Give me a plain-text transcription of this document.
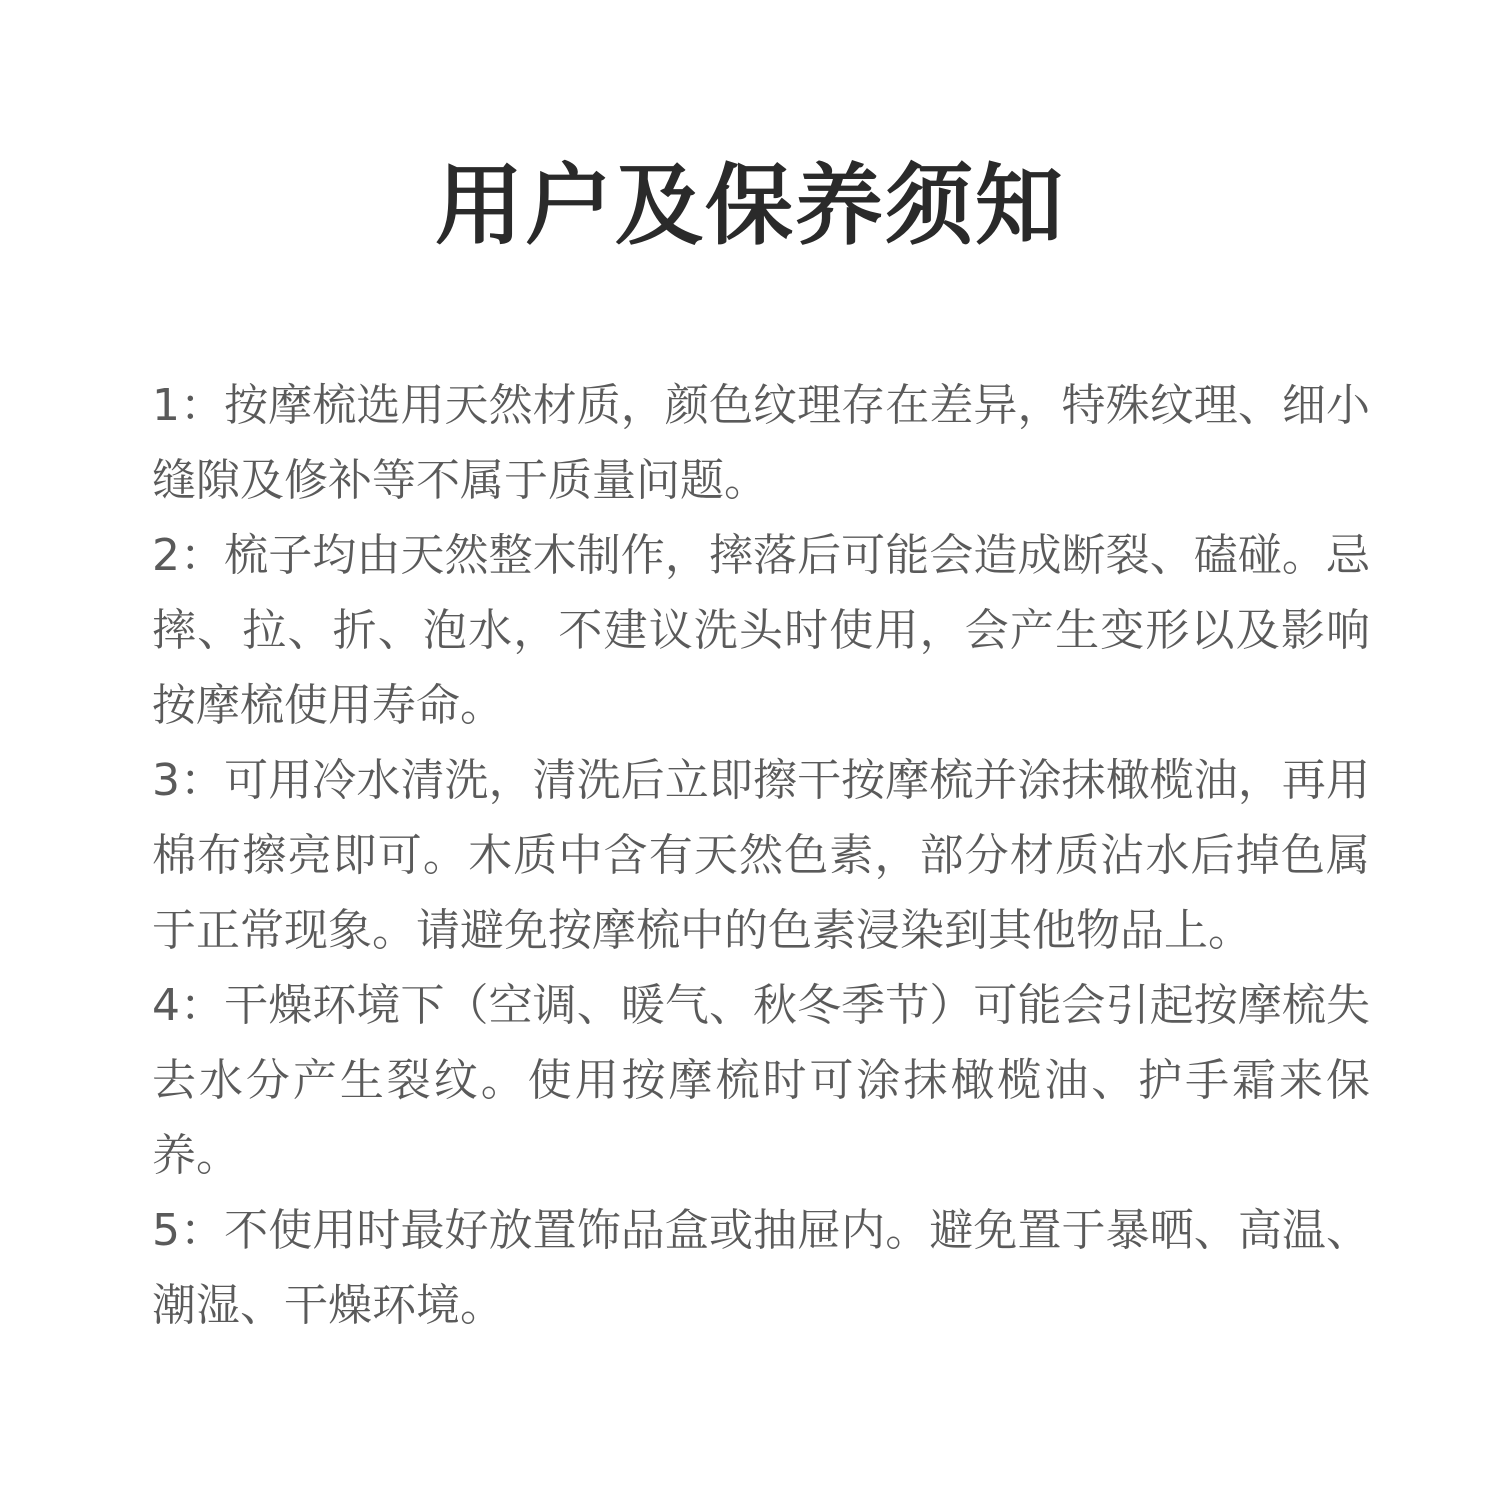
用户及保养须知
1：按摩梳选用天然材质，颜色纹理存在差异，特殊纹理、细小缝隙及修补等不属于质量问题。
2：梳子均由天然整木制作，摔落后可能会造成断裂、磕碰。忌摔、拉、折、泡水，不建议洗头时使用，会产生变形以及影响按摩梳使用寿命。
3：可用冷水清洗，清洗后立即擦干按摩梳并涂抹橄榄油，再用棉布擦亮即可。木质中含有天然色素，部分材质沾水后掉色属于正常现象。请避免按摩梳中的色素浸染到其他物品上。
4：干燥环境下（空调、暖气、秋冬季节）可能会引起按摩梳失去水分产生裂纹。使用按摩梳时可涂抹橄榄油、护手霜来保养。
5：不使用时最好放置饰品盒或抽屉内。避免置于暴晒、高温、潮湿、干燥环境。
